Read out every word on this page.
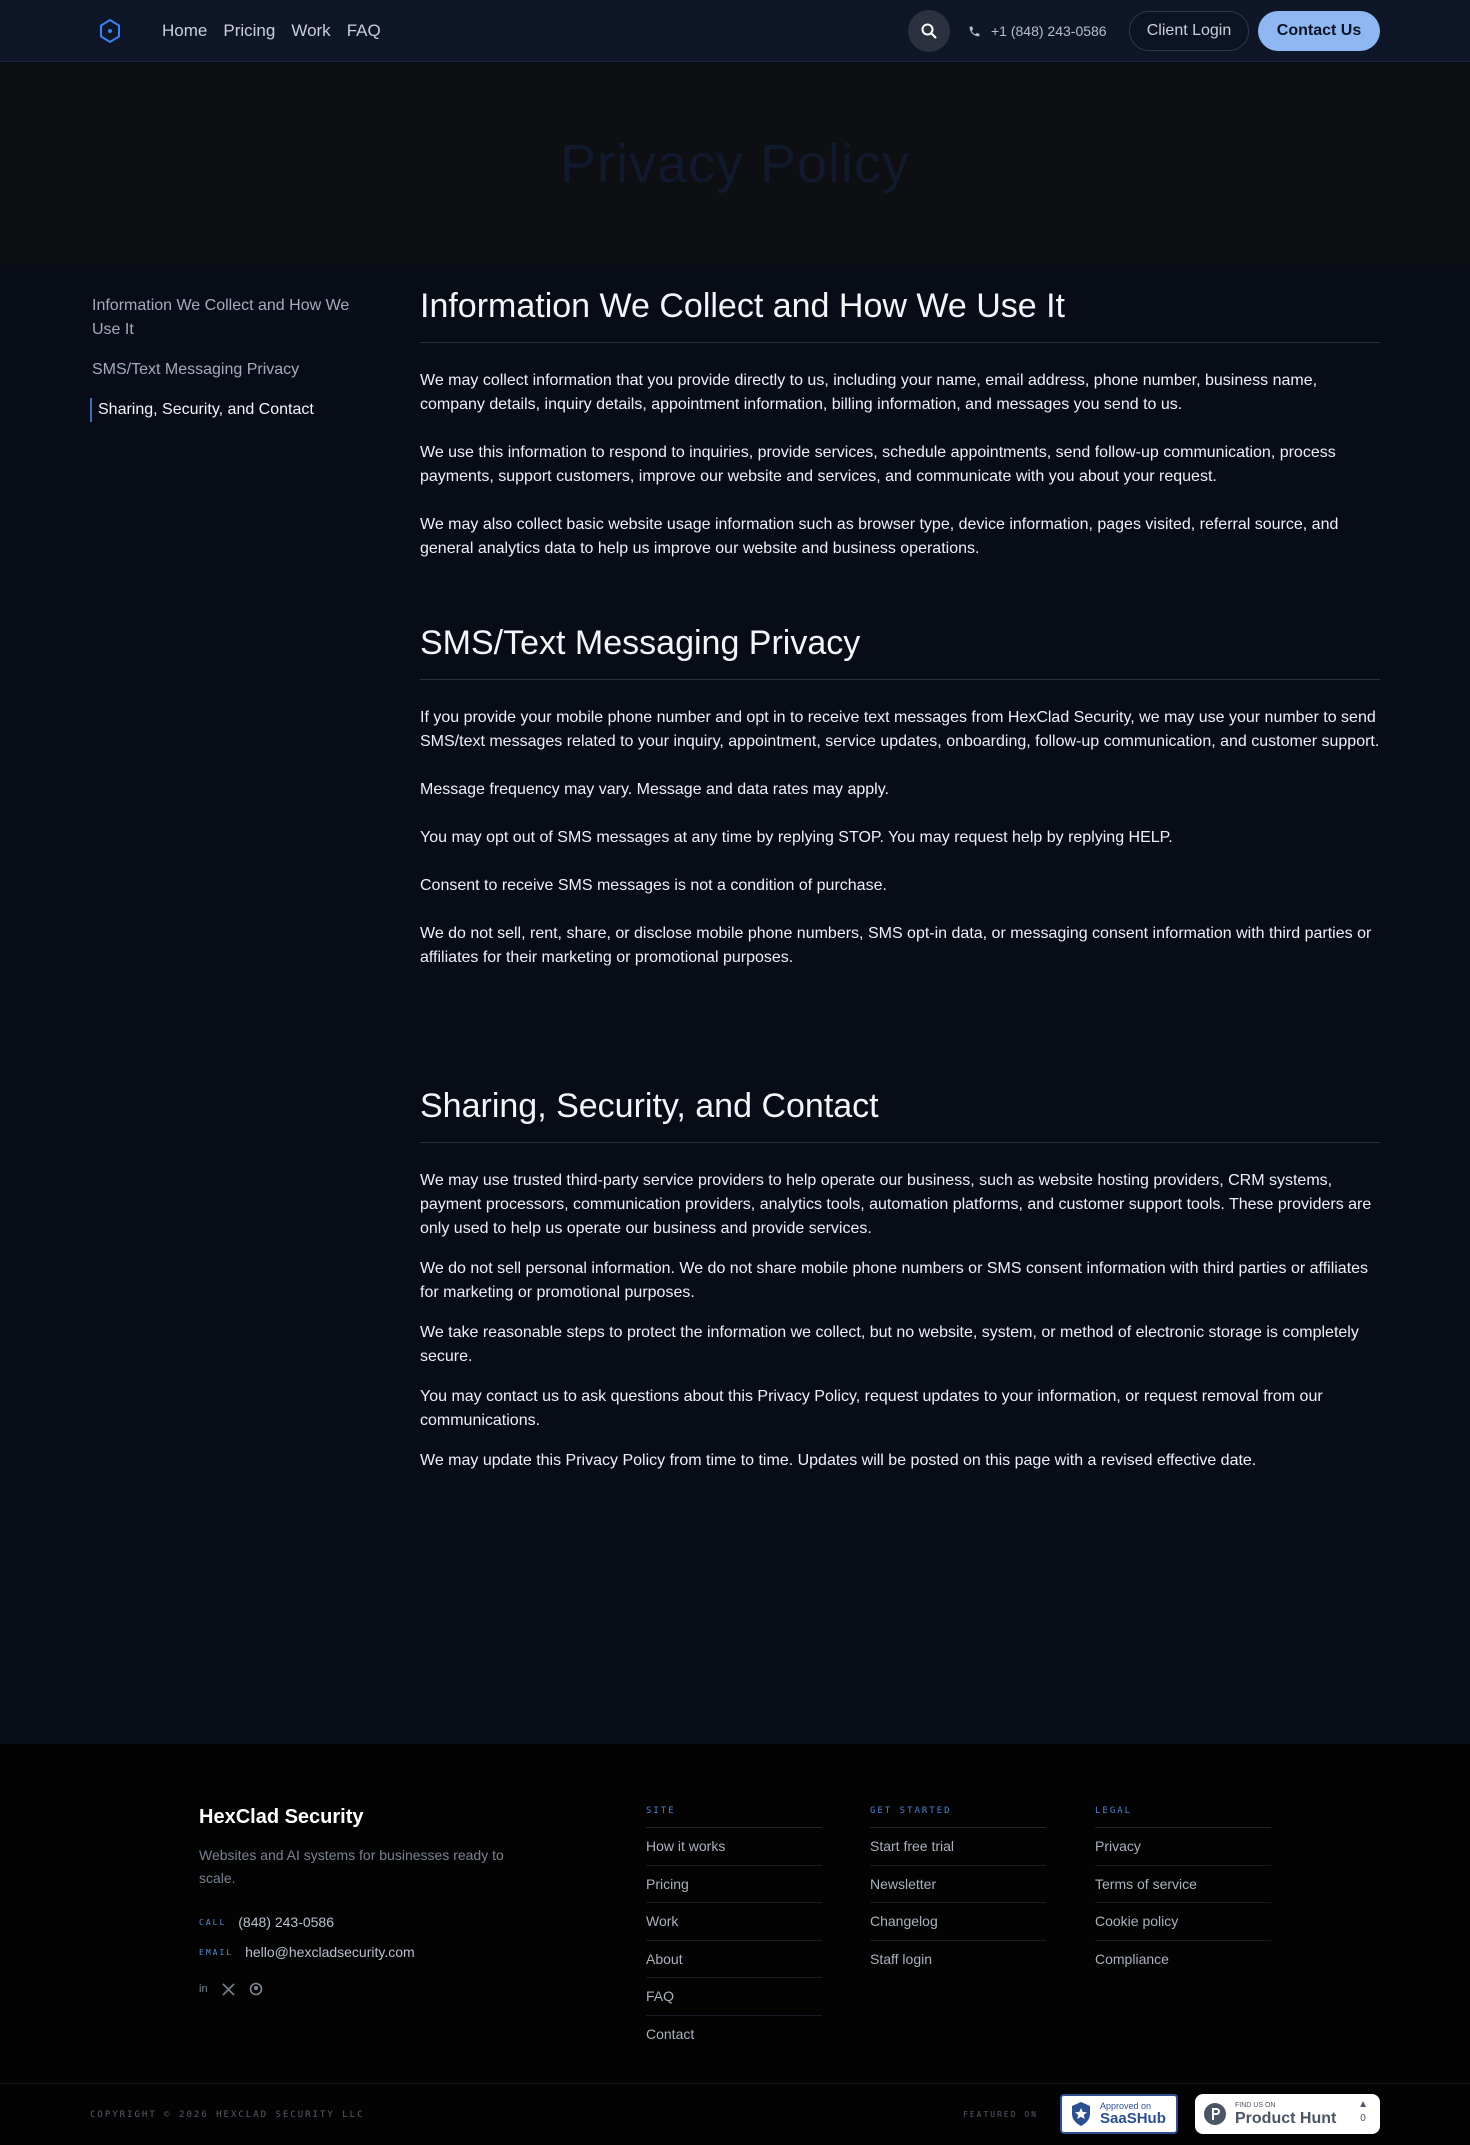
Home Pricing Work FAQ	+1 (848) 243-0586	Client Login	Contact Us
Privacy Policy
Information We Collect and How We Use It
SMS/Text Messaging Privacy
Sharing, Security, and Contact
Information We Collect and How We Use It

We may collect information that you provide directly to us, including your name, email address, phone number, business name, company details, inquiry details, appointment information, billing information, and messages you send to us.

We use this information to respond to inquiries, provide services, schedule appointments, send follow-up communication, process payments, support customers, improve our website and services, and communicate with you about your request.

We may also collect basic website usage information such as browser type, device information, pages visited, referral source, and general analytics data to help us improve our website and business operations.

SMS/Text Messaging Privacy

If you provide your mobile phone number and opt in to receive text messages from HexClad Security, we may use your number to send SMS/text messages related to your inquiry, appointment, service updates, onboarding, follow-up communication, and customer support.

Message frequency may vary. Message and data rates may apply.

You may opt out of SMS messages at any time by replying STOP. You may request help by replying HELP.

Consent to receive SMS messages is not a condition of purchase.

We do not sell, rent, share, or disclose mobile phone numbers, SMS opt-in data, or messaging consent information with third parties or affiliates for their marketing or promotional purposes.

Sharing, Security, and Contact

We may use trusted third-party service providers to help operate our business, such as website hosting providers, CRM systems, payment processors, communication providers, analytics tools, automation platforms, and customer support tools. These providers are only used to help us operate our business and provide services.

We do not sell personal information. We do not share mobile phone numbers or SMS consent information with third parties or affiliates for marketing or promotional purposes.

We take reasonable steps to protect the information we collect, but no website, system, or method of electronic storage is completely secure.

You may contact us to ask questions about this Privacy Policy, request updates to your information, or request removal from our communications.

We may update this Privacy Policy from time to time. Updates will be posted on this page with a revised effective date.

HexClad Security
Websites and AI systems for businesses ready to scale.
CALL (848) 243-0586
EMAIL hello@hexcladsecurity.com
in
SITE
How it works
Pricing
Work
About
FAQ
Contact
GET STARTED
Start free trial
Newsletter
Changelog
Staff login
LEGAL
Privacy
Terms of service
Cookie policy
Compliance
COPYRIGHT © 2026 HEXCLAD SECURITY LLC	FEATURED ON
Approved on
SaaSHub
FIND US ON
Product Hunt
▲
0
